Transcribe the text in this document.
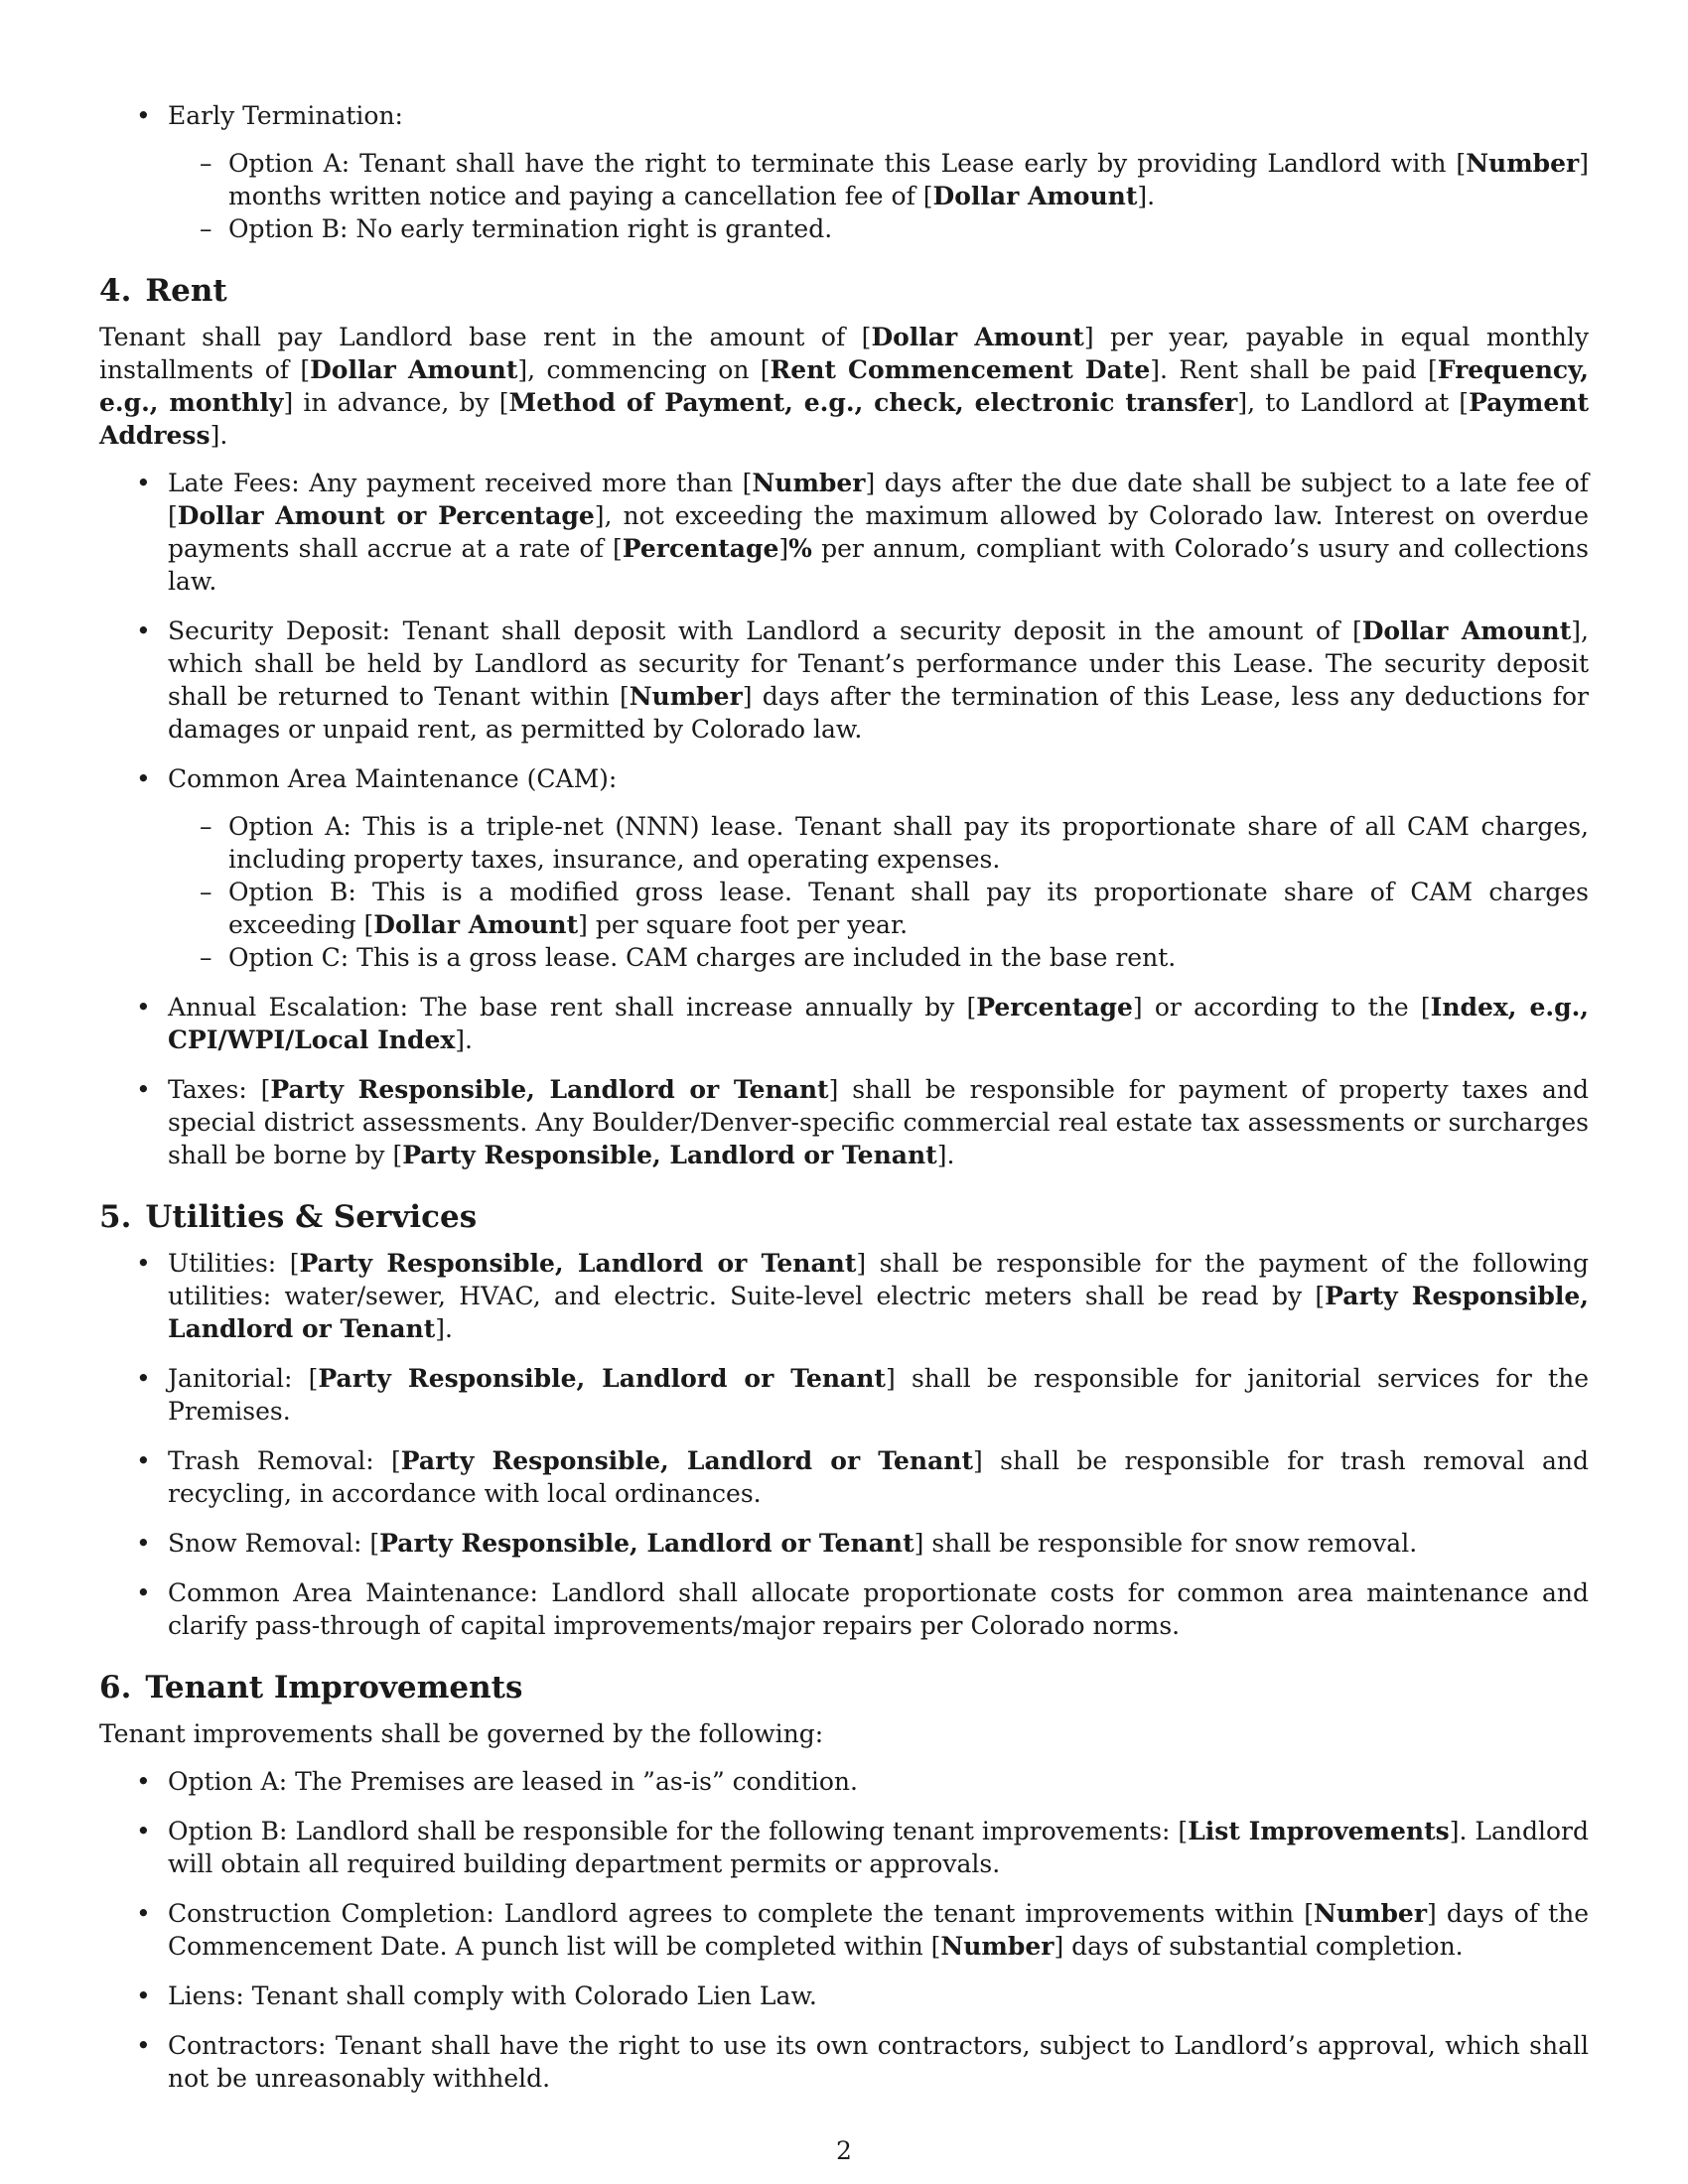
• Early Termination:
– Option A: Tenant shall have the right to terminate this Lease early by providing Landlord with [Number] months written notice and paying a cancellation fee of [Dollar Amount].
– Option B: No early termination right is granted.
4. Rent

Tenant shall pay Landlord base rent in the amount of [Dollar Amount] per year, payable in equal monthly installments of [Dollar Amount], commencing on [Rent Commencement Date]. Rent shall be paid [Frequency, e.g., monthly] in advance, by [Method of Payment, e.g., check, electronic transfer], to Landlord at [Payment Address].

• Late Fees: Any payment received more than [Number] days after the due date shall be subject to a late fee of [Dollar Amount or Percentage], not exceeding the maximum allowed by Colorado law. Interest on overdue payments shall accrue at a rate of [Percentage]% per annum, compliant with Colorado’s usury and collections law.
• Security Deposit: Tenant shall deposit with Landlord a security deposit in the amount of [Dollar Amount], which shall be held by Landlord as security for Tenant’s performance under this Lease. The security deposit shall be returned to Tenant within [Number] days after the termination of this Lease, less any deductions for damages or unpaid rent, as permitted by Colorado law.
• Common Area Maintenance (CAM):
– Option A: This is a triple-net (NNN) lease. Tenant shall pay its proportionate share of all CAM charges, including property taxes, insurance, and operating expenses.
– Option B: This is a modified gross lease. Tenant shall pay its proportionate share of CAM charges exceeding [Dollar Amount] per square foot per year.
– Option C: This is a gross lease. CAM charges are included in the base rent.
• Annual Escalation: The base rent shall increase annually by [Percentage] or according to the [Index, e.g., CPI/WPI/Local Index].
• Taxes: [Party Responsible, Landlord or Tenant] shall be responsible for payment of property taxes and special district assessments. Any Boulder/Denver-specific commercial real estate tax assessments or surcharges shall be borne by [Party Responsible, Landlord or Tenant].
5. Utilities & Services
• Utilities: [Party Responsible, Landlord or Tenant] shall be responsible for the payment of the following utilities: water/sewer, HVAC, and electric. Suite-level electric meters shall be read by [Party Responsible, Landlord or Tenant].
• Janitorial: [Party Responsible, Landlord or Tenant] shall be responsible for janitorial services for the Premises.
• Trash Removal: [Party Responsible, Landlord or Tenant] shall be responsible for trash removal and recycling, in accordance with local ordinances.
• Snow Removal: [Party Responsible, Landlord or Tenant] shall be responsible for snow removal.
• Common Area Maintenance: Landlord shall allocate proportionate costs for common area maintenance and clarify pass-through of capital improvements/major repairs per Colorado norms.
6. Tenant Improvements

Tenant improvements shall be governed by the following:

• Option A: The Premises are leased in ”as-is” condition.
• Option B: Landlord shall be responsible for the following tenant improvements: [List Improvements]. Landlord will obtain all required building department permits or approvals.
• Construction Completion: Landlord agrees to complete the tenant improvements within [Number] days of the Commencement Date. A punch list will be completed within [Number] days of substantial completion.
• Liens: Tenant shall comply with Colorado Lien Law.
• Contractors: Tenant shall have the right to use its own contractors, subject to Landlord’s approval, which shall not be unreasonably withheld.
2
